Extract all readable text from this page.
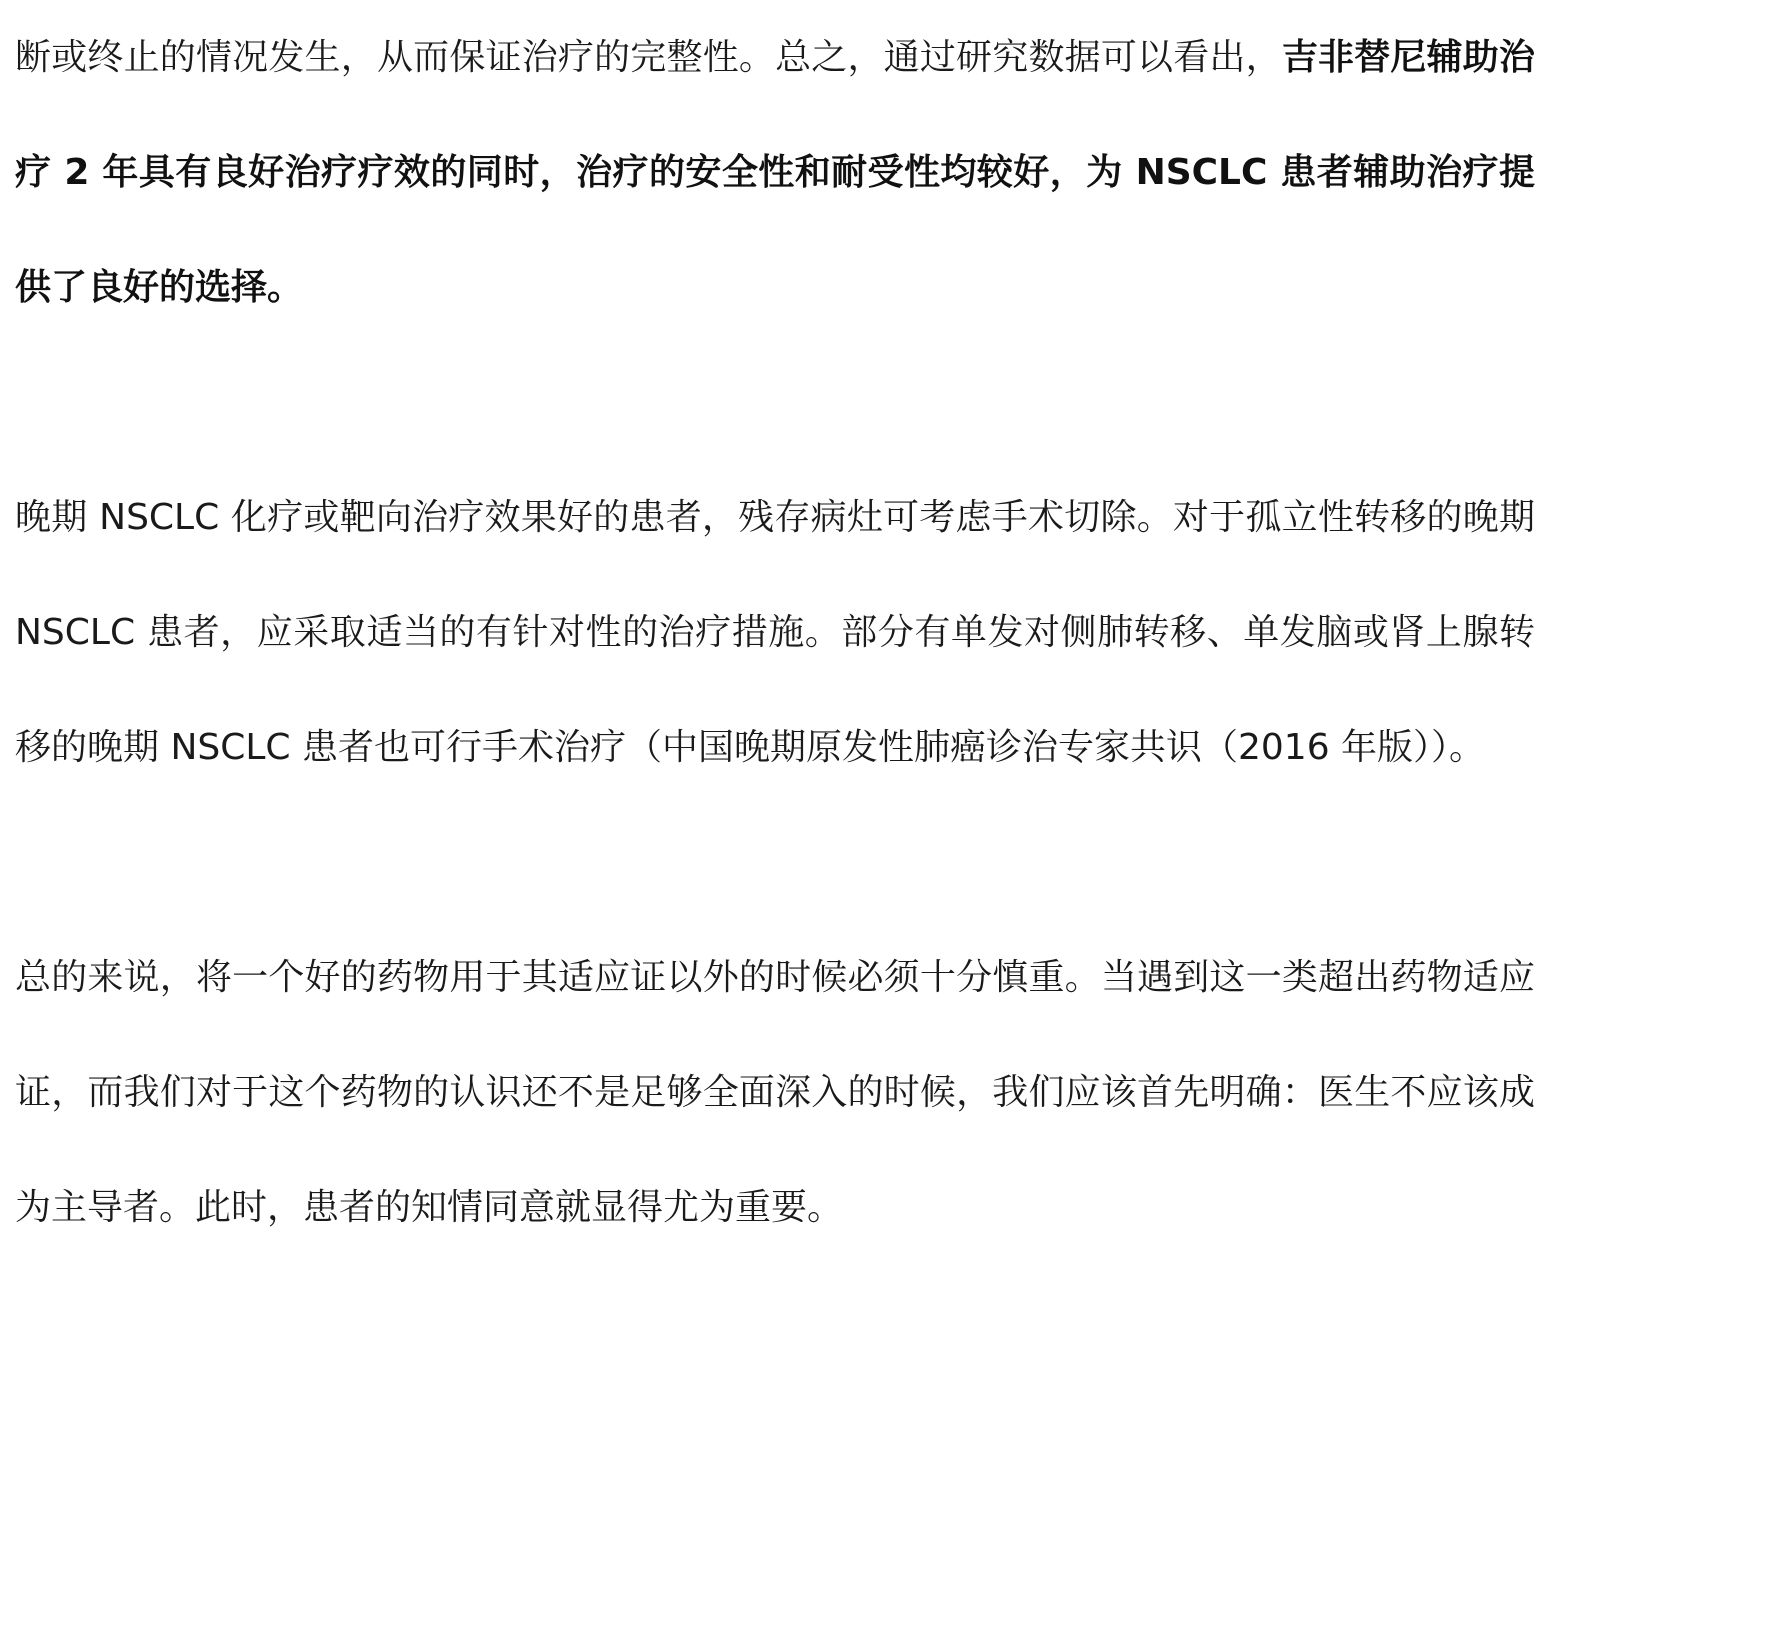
断或终止的情况发生，从而保证治疗的完整性。总之，通过研究数据可以看出，吉非替尼辅助治疗 2 年具有良好治疗疗效的同时，治疗的安全性和耐受性均较好，为 NSCLC 患者辅助治疗提供了良好的选择。

晚期 NSCLC 化疗或靶向治疗效果好的患者，残存病灶可考虑手术切除。对于孤立性转移的晚期 NSCLC 患者，应采取适当的有针对性的治疗措施。部分有单发对侧肺转移、单发脑或肾上腺转移的晚期 NSCLC 患者也可行手术治疗（中国晚期原发性肺癌诊治专家共识（2016 年版））。

总的来说，将一个好的药物用于其适应证以外的时候必须十分慎重。当遇到这一类超出药物适应证，而我们对于这个药物的认识还不是足够全面深入的时候，我们应该首先明确：医生不应该成为主导者。此时，患者的知情同意就显得尤为重要。
